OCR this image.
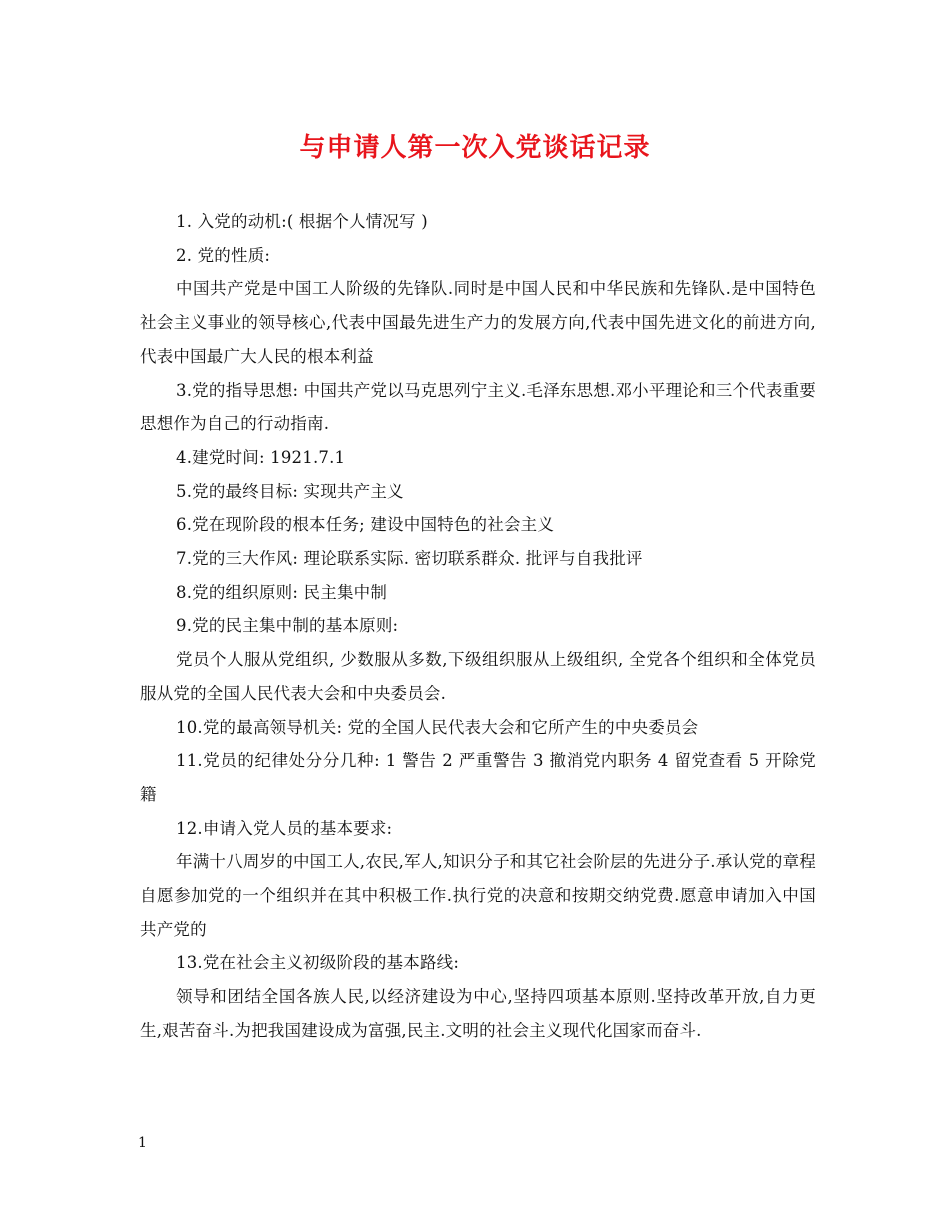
与申请人第一次入党谈话记录

1. 入党的动机:( 根据个人情况写 )

2. 党的性质:

中国共产党是中国工人阶级的先锋队.同时是中国人民和中华民族和先锋队.是中国特色社会主义事业的领导核心,代表中国最先进生产力的发展方向,代表中国先进文化的前进方向,代表中国最广大人民的根本利益

3.党的指导思想: 中国共产党以马克思列宁主义.毛泽东思想.邓小平理论和三个代表重要思想作为自己的行动指南.

4.建党时间: 1921.7.1

5.党的最终目标: 实现共产主义

6.党在现阶段的根本任务; 建设中国特色的社会主义

7.党的三大作风: 理论联系实际. 密切联系群众. 批评与自我批评

8.党的组织原则: 民主集中制

9.党的民主集中制的基本原则:

党员个人服从党组织, 少数服从多数,下级组织服从上级组织, 全党各个组织和全体党员服从党的全国人民代表大会和中央委员会.

10.党的最高领导机关: 党的全国人民代表大会和它所产生的中央委员会

11.党员的纪律处分分几种: 1 警告 2 严重警告 3 撤消党内职务 4 留党查看 5 开除党籍

12.申请入党人员的基本要求:

年满十八周岁的中国工人,农民,军人,知识分子和其它社会阶层的先进分子.承认党的章程自愿参加党的一个组织并在其中积极工作.执行党的决意和按期交纳党费.愿意申请加入中国共产党的

13.党在社会主义初级阶段的基本路线:

领导和团结全国各族人民,以经济建设为中心,坚持四项基本原则.坚持改革开放,自力更生,艰苦奋斗.为把我国建设成为富强,民主.文明的社会主义现代化国家而奋斗.

1
